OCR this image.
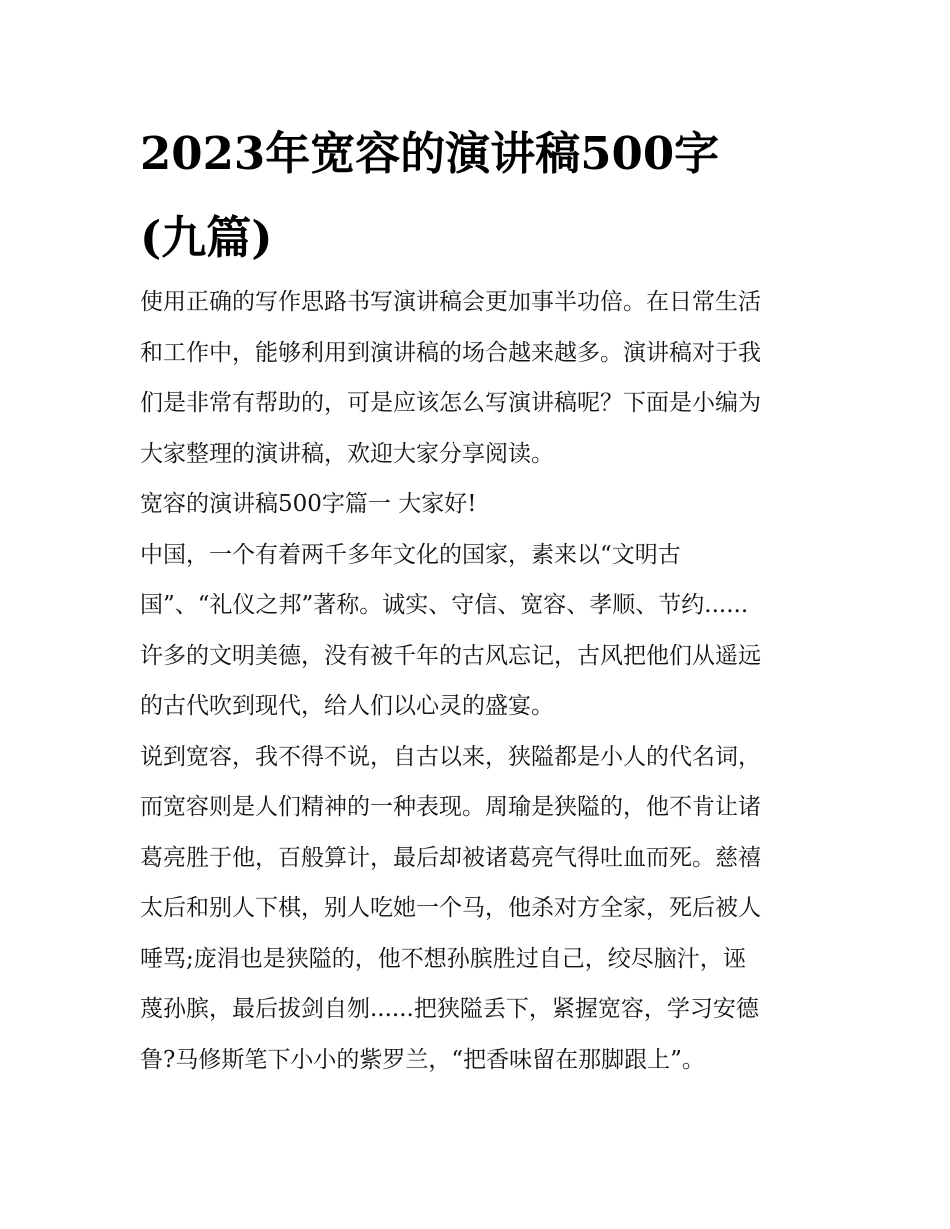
2023年宽容的演讲稿500字
(九篇)
使用正确的写作思路书写演讲稿会更加事半功倍。在日常生活
和工作中，能够利用到演讲稿的场合越来越多。演讲稿对于我
们是非常有帮助的，可是应该怎么写演讲稿呢？下面是小编为
大家整理的演讲稿，欢迎大家分享阅读。
宽容的演讲稿500字篇一 大家好!
中国，一个有着两千多年文化的国家，素来以“文明古
国”、“礼仪之邦”著称。诚实、守信、宽容、孝顺、节约......
许多的文明美德，没有被千年的古风忘记，古风把他们从遥远
的古代吹到现代，给人们以心灵的盛宴。
说到宽容，我不得不说，自古以来，狭隘都是小人的代名词，
而宽容则是人们精神的一种表现。周瑜是狭隘的，他不肯让诸
葛亮胜于他，百般算计，最后却被诸葛亮气得吐血而死。慈禧
太后和别人下棋，别人吃她一个马，他杀对方全家，死后被人
唾骂;庞涓也是狭隘的，他不想孙膑胜过自己，绞尽脑汁，诬
蔑孙膑，最后拔剑自刎......把狭隘丢下，紧握宽容，学习安德
鲁?马修斯笔下小小的紫罗兰，“把香味留在那脚跟上”。
